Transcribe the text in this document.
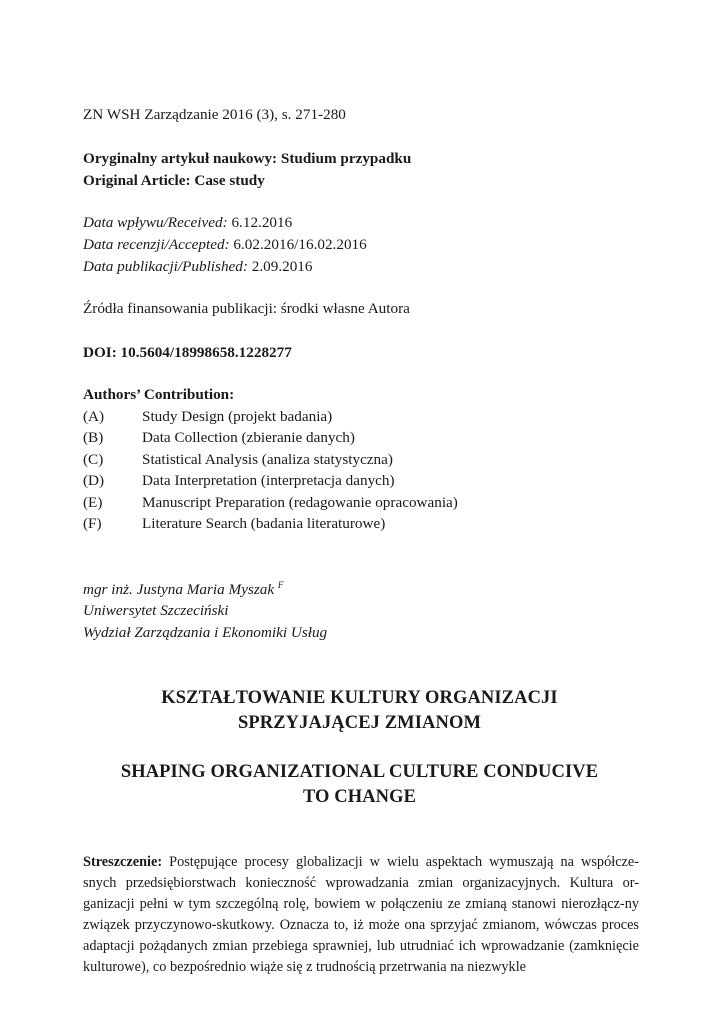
ZN WSH Zarządzanie 2016 (3), s. 271-280
Oryginalny artykuł naukowy: Studium przypadku
Original Article: Case study
Data wpływu/Received: 6.12.2016
Data recenzji/Accepted: 6.02.2016/16.02.2016
Data publikacji/Published: 2.09.2016
Źródła finansowania publikacji: środki własne Autora
DOI: 10.5604/18998658.1228277
Authors’ Contribution:
(A) Study Design (projekt badania)
(B)	Data Collection (zbieranie danych)
(C)	Statistical Analysis (analiza statystyczna)
(D) Data Interpretation (interpretacja danych)
(E)	Manuscript Preparation (redagowanie opracowania)
(F)	Literature Search (badania literaturowe)
mgr inż. Justyna Maria Myszak $^F$
Uniwersytet Szczeciński
Wydział Zarządzania i Ekonomiki Usług
KSZTAŁTOWANIE KULTURY ORGANIZACJI
SPRZYJAJĄCEJ ZMIANOM
SHAPING ORGANIZATIONAL CULTURE CONDUCIVE
TO CHANGE
Streszczenie: Postępujące procesy globalizacji w wielu aspektach wymuszają na współcze-snych przedsiębiorstwach konieczność wprowadzania zmian organizacyjnych. Kultura or-ganizacji pełni w tym szczególną rolę, bowiem w połączeniu ze zmianą stanowi nierozłącz-ny związek przyczynowo-skutkowy. Oznacza to, iż może ona sprzyjać zmianom, wówczas proces adaptacji pożądanych zmian przebiega sprawniej, lub utrudniać ich wprowadzanie (zamknięcie kulturowe), co bezpośrednio wiąże się z trudnością przetrwania na niezwykle
